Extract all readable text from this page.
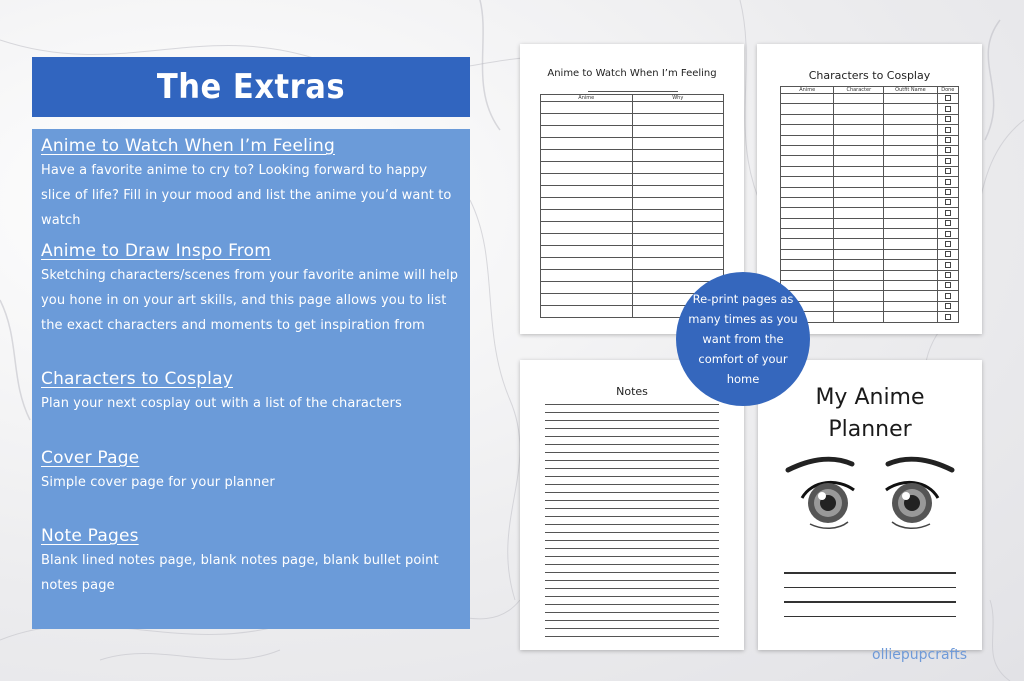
The Extras
Anime to Watch When I’m Feeling

Have a favorite anime to cry to? Looking forward to happy slice of life? Fill in your mood and list the anime you’d want to watch

Anime to Draw Inspo From

Sketching characters/scenes from your favorite anime will help you hone in on your art skills, and this page allows you to list the exact characters and moments to get inspiration from

Characters to Cosplay

Plan your next cosplay out with a list of the characters

Cover Page

Simple cover page for your planner

Note Pages

Blank lined notes page, blank notes page, blank bullet point notes page

Anime to Watch When I’m Feeling
Anime	Why

Characters to Cosplay
Anime	Character	Outfit Name	Done

Notes	My Anime Planner
Re-print pages as many times as you want from the comfort of your home
olliepupcrafts
